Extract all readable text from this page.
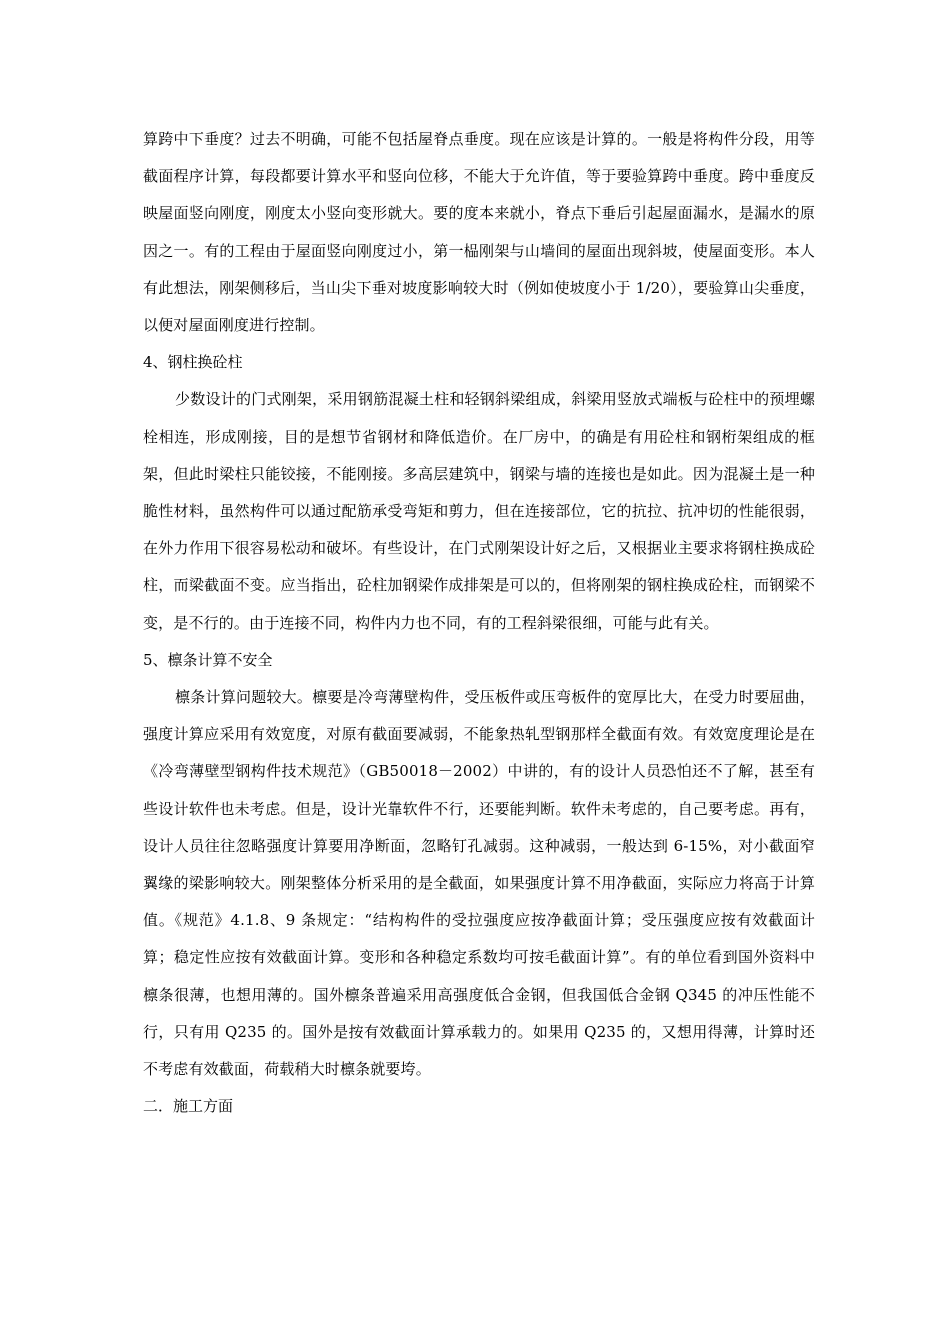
算跨中下垂度？过去不明确，可能不包括屋脊点垂度。现在应该是计算的。一般是将构件分段，用等截面程序计算，每段都要计算水平和竖向位移，不能大于允许值，等于要验算跨中垂度。跨中垂度反映屋面竖向刚度，刚度太小竖向变形就大。要的度本来就小，脊点下垂后引起屋面漏水，是漏水的原因之一。有的工程由于屋面竖向刚度过小，第一榀刚架与山墙间的屋面出现斜坡，使屋面变形。本人有此想法，刚架侧移后，当山尖下垂对坡度影响较大时（例如使坡度小于 1/20），要验算山尖垂度，以便对屋面刚度进行控制。

4、钢柱换砼柱

少数设计的门式刚架，采用钢筋混凝土柱和轻钢斜梁组成，斜梁用竖放式端板与砼柱中的预埋螺栓相连，形成刚接，目的是想节省钢材和降低造价。在厂房中，的确是有用砼柱和钢桁架组成的框架，但此时梁柱只能铰接，不能刚接。多高层建筑中，钢梁与墙的连接也是如此。因为混凝土是一种脆性材料，虽然构件可以通过配筋承受弯矩和剪力，但在连接部位，它的抗拉、抗冲切的性能很弱，在外力作用下很容易松动和破坏。有些设计，在门式刚架设计好之后，又根据业主要求将钢柱换成砼柱，而梁截面不变。应当指出，砼柱加钢梁作成排架是可以的，但将刚架的钢柱换成砼柱，而钢梁不变，是不行的。由于连接不同，构件内力也不同，有的工程斜梁很细，可能与此有关。

5、檩条计算不安全

檩条计算问题较大。檩要是冷弯薄壁构件，受压板件或压弯板件的宽厚比大，在受力时要屈曲，强度计算应采用有效宽度，对原有截面要减弱，不能象热轧型钢那样全截面有效。有效宽度理论是在《冷弯薄壁型钢构件技术规范》（GB50018－2002）中讲的，有的设计人员恐怕还不了解，甚至有些设计软件也未考虑。但是，设计光靠软件不行，还要能判断。软件未考虑的，自己要考虑。再有，设计人员往往忽略强度计算要用净断面，忽略钉孔减弱。这种减弱，一般达到 6-15%，对小截面窄翼缘的梁影响较大。刚架整体分析采用的是全截面，如果强度计算不用净截面，实际应力将高于计算值。《规范》4.1.8、9 条规定：“结构构件的受拉强度应按净截面计算；受压强度应按有效截面计算；稳定性应按有效截面计算。变形和各种稳定系数均可按毛截面计算”。有的单位看到国外资料中檩条很薄，也想用薄的。国外檩条普遍采用高强度低合金钢，但我国低合金钢 Q345 的冲压性能不行，只有用 Q235 的。国外是按有效截面计算承载力的。如果用 Q235 的，又想用得薄，计算时还不考虑有效截面，荷载稍大时檩条就要垮。

二．施工方面
